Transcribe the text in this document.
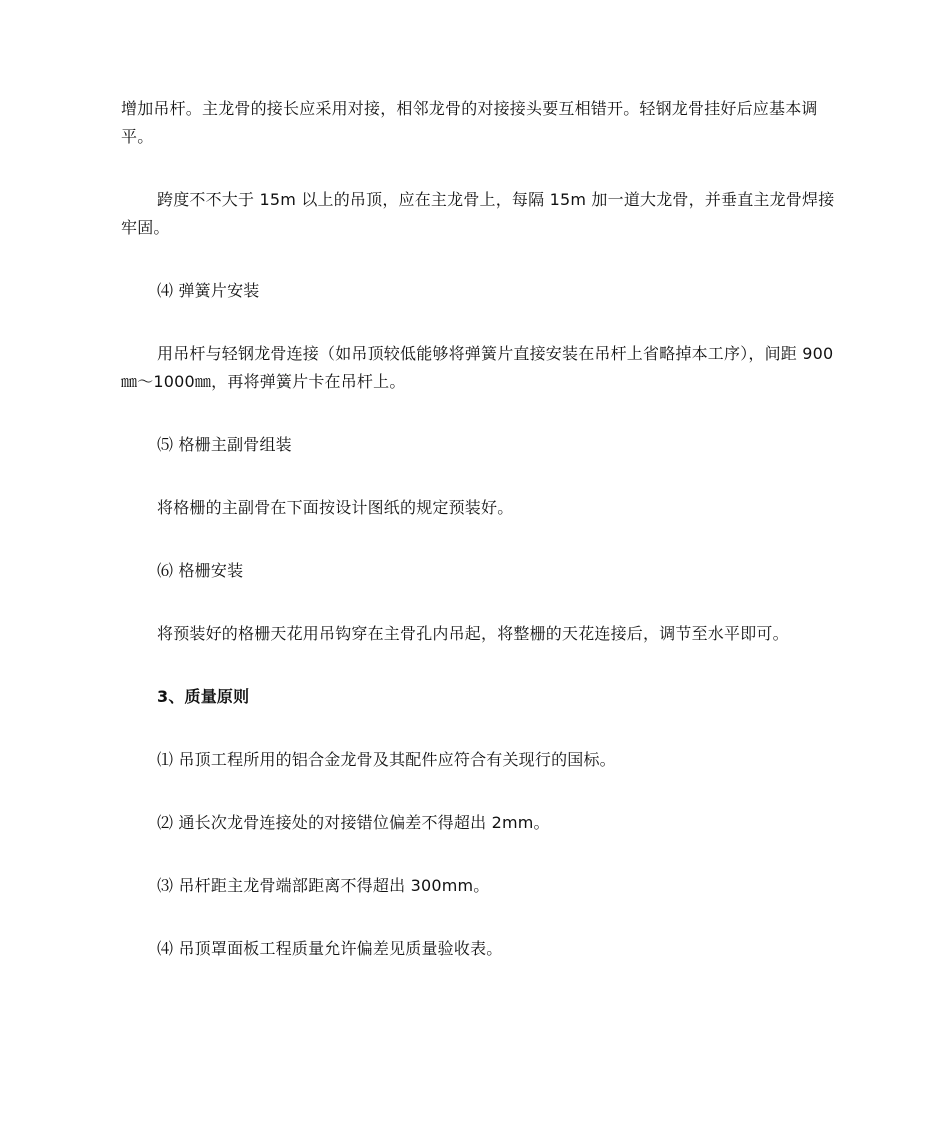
增加吊杆。主龙骨的接长应采用对接，相邻龙骨的对接接头要互相错开。轻钢龙骨挂好后应基本调平。

跨度不不大于 15m 以上的吊顶，应在主龙骨上，每隔 15m 加一道大龙骨，并垂直主龙骨焊接牢固。

⑷ 弹簧片安装

用吊杆与轻钢龙骨连接（如吊顶较低能够将弹簧片直接安装在吊杆上省略掉本工序），间距 900㎜～1000㎜，再将弹簧片卡在吊杆上。

⑸ 格栅主副骨组装

将格栅的主副骨在下面按设计图纸的规定预装好。

⑹ 格栅安装

将预装好的格栅天花用吊钩穿在主骨孔内吊起，将整栅的天花连接后，调节至水平即可。

3、质量原则

⑴ 吊顶工程所用的铝合金龙骨及其配件应符合有关现行的国标。

⑵ 通长次龙骨连接处的对接错位偏差不得超出 2mm。

⑶ 吊杆距主龙骨端部距离不得超出 300mm。

⑷ 吊顶罩面板工程质量允许偏差见质量验收表。
